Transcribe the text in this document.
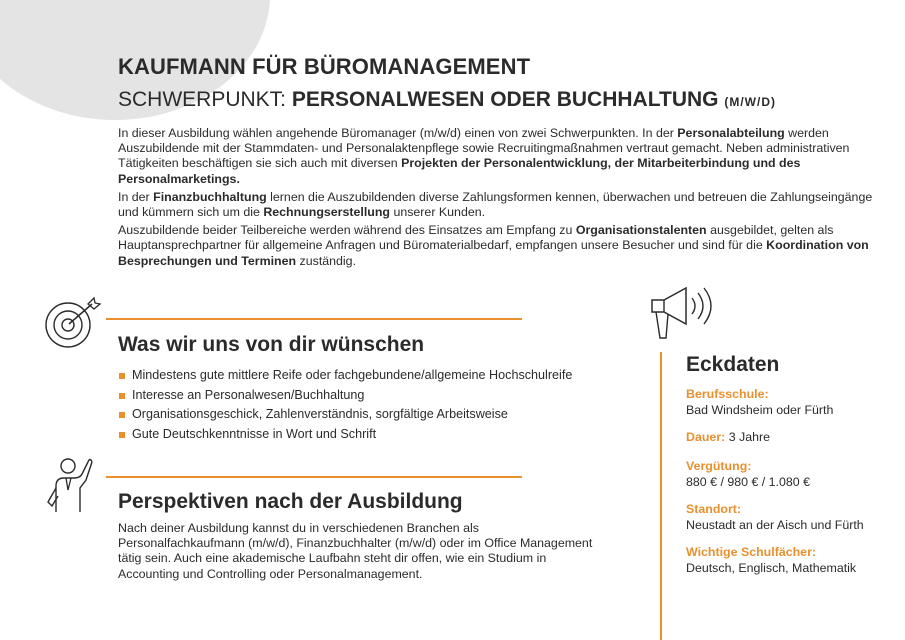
KAUFMANN FÜR BÜROMANAGEMENT
SCHWERPUNKT: PERSONALWESEN ODER BUCHHALTUNG (M/W/D)

In dieser Ausbildung wählen angehende Büromanager (m/w/d) einen von zwei Schwerpunkten. In der Personalabteilung werden Auszubildende mit der Stammdaten- und Personalaktenpflege sowie Recruitingmaßnahmen vertraut gemacht. Neben administrativen Tätigkeiten beschäftigen sie sich auch mit diversen Projekten der Personalentwicklung, der Mitarbeiterbindung und des Personalmarketings.

In der Finanzbuchhaltung lernen die Auszubildenden diverse Zahlungsformen kennen, überwachen und betreuen die Zahlungseingänge und kümmern sich um die Rechnungserstellung unserer Kunden.

Auszubildende beider Teilbereiche werden während des Einsatzes am Empfang zu Organisationstalenten ausgebildet, gelten als Hauptansprechpartner für allgemeine Anfragen und Büromaterialbedarf, empfangen unsere Besucher und sind für die Koordination von Besprechungen und Terminen zuständig.

Was wir uns von dir wünschen
Mindestens gute mittlere Reife oder fachgebundene/allgemeine Hochschulreife
Interesse an Personalwesen/Buchhaltung
Organisationsgeschick, Zahlenverständnis, sorgfältige Arbeitsweise
Gute Deutschkenntnisse in Wort und Schrift
Perspektiven nach der Ausbildung

Nach deiner Ausbildung kannst du in verschiedenen Branchen als Personalfachkaufmann (m/w/d), Finanzbuchhalter (m/w/d) oder im Office Management tätig sein. Auch eine akademische Laufbahn steht dir offen, wie ein Studium in Accounting und Controlling oder Personalmanagement.

Eckdaten
Berufsschule:
Bad Windsheim oder Fürth
Dauer: 3 Jahre
Vergütung:
880 € / 980 € / 1.080 €
Standort:
Neustadt an der Aisch und Fürth
Wichtige Schulfächer:
Deutsch, Englisch, Mathematik
